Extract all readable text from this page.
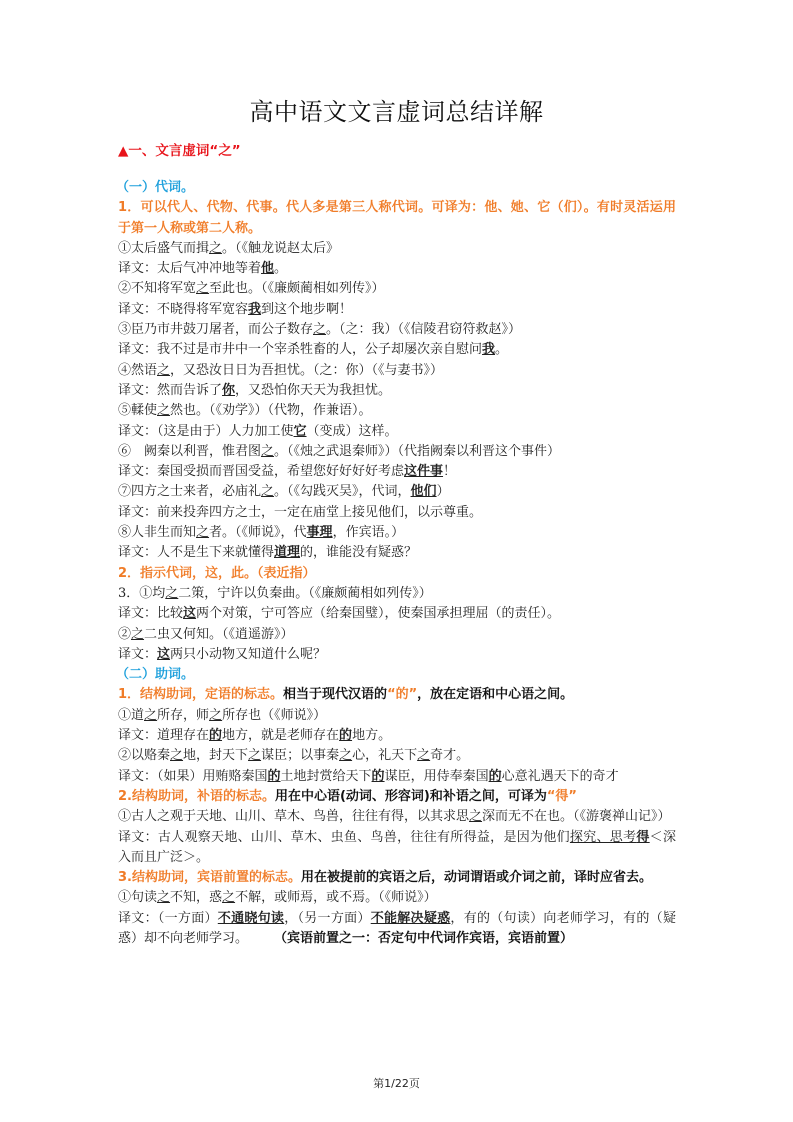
高中语文文言虚词总结详解
▲一、文言虚词“之”

（一）代词。

1．可以代人、代物、代事。代人多是第三人称代词。可译为：他、她、它（们）。有时灵活运用于第一人称或第二人称。

①太后盛气而揖之。（《触龙说赵太后》

译文：太后气冲冲地等着他。

②不知将军宽之至此也。（《廉颇蔺相如列传》）

译文：不晓得将军宽容我到这个地步啊！

③臣乃市井鼓刀屠者，而公子数存之。（之：我）（《信陵君窃符救赵》）

译文：我不过是市井中一个宰杀牲畜的人，公子却屡次亲自慰问我。

④然语之，又恐汝日日为吾担忧。（之：你）（《与妻书》）

译文：然而告诉了你，又恐怕你天天为我担忧。

⑤輮使之然也。（《劝学》）（代物，作兼语）。

译文：（这是由于）人力加工使它（变成）这样。

⑥　阙秦以利晋，惟君图之。（《烛之武退秦师》）（代指阙秦以利晋这个事件）

译文：秦国受损而晋国受益，希望您好好好好考虑这件事！

⑦四方之士来者，必庙礼之。（《勾践灭吴》，代词，他们）

译文：前来投奔四方之士，一定在庙堂上接见他们，以示尊重。

⑧人非生而知之者。（《师说》，代事理，作宾语。）

译文：人不是生下来就懂得道理的，谁能没有疑惑？

2．指示代词，这，此。（表近指）

3．①均之二策，宁许以负秦曲。（《廉颇蔺相如列传》）

译文：比较这两个对策，宁可答应（给秦国璧），使秦国承担理屈（的责任）。

②之二虫又何知。（《逍遥游》）

译文：这两只小动物又知道什么呢？

（二）助词。

1．结构助词，定语的标志。相当于现代汉语的“的”，放在定语和中心语之间。

①道之所存，师之所存也（《师说》）

译文：道理存在的地方，就是老师存在的地方。

②以赂秦之地，封天下之谋臣；以事秦之心，礼天下之奇才。

译文：（如果）用贿赂秦国的土地封赏给天下的谋臣，用侍奉秦国的心意礼遇天下的奇才

2.结构助词，补语的标志。用在中心语(动词、形容词)和补语之间，可译为“得”

①古人之观于天地、山川、草木、鸟兽，往往有得，以其求思之深而无不在也。（《游褒禅山记》）

译文：古人观察天地、山川、草木、虫鱼、鸟兽，往往有所得益，是因为他们探究、思考得＜深入而且广泛＞。

3.结构助词，宾语前置的标志。用在被提前的宾语之后，动词谓语或介词之前，译时应省去。

①句读之不知，惑之不解，或师焉，或不焉。（《师说》）

译文：（一方面）不通晓句读，（另一方面）不能解决疑惑，有的（句读）向老师学习，有的（疑惑）却不向老师学习。　　　（宾语前置之一：否定句中代词作宾语，宾语前置）

第1/22页
